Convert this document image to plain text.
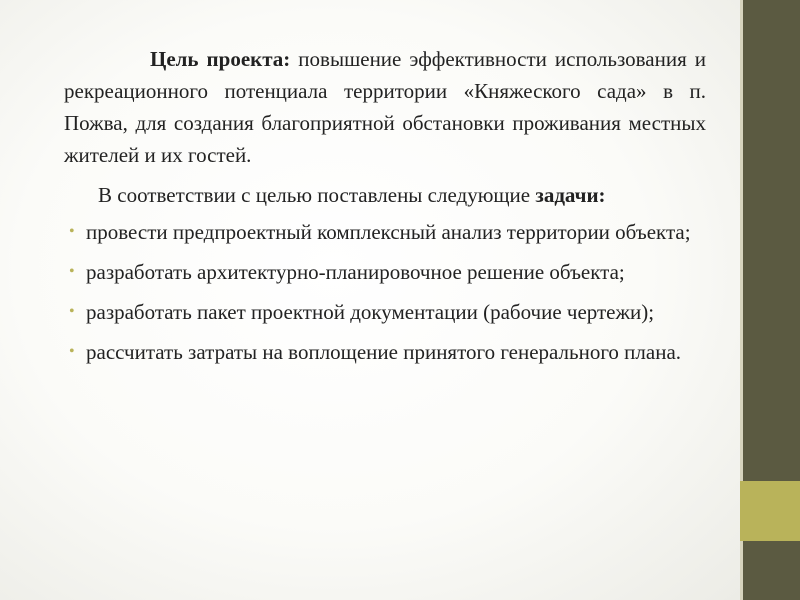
Цель проекта: повышение эффективности использования и рекреационного потенциала территории «Княжеского сада» в п. Пожва, для создания благоприятной обстановки проживания местных жителей и их гостей.

В соответствии с целью поставлены следующие задачи:

• провести предпроектный комплексный анализ территории объекта;
• разработать архитектурно-планировочное решение объекта;
• разработать пакет проектной документации (рабочие чертежи);
• рассчитать затраты на воплощение принятого генерального плана.
